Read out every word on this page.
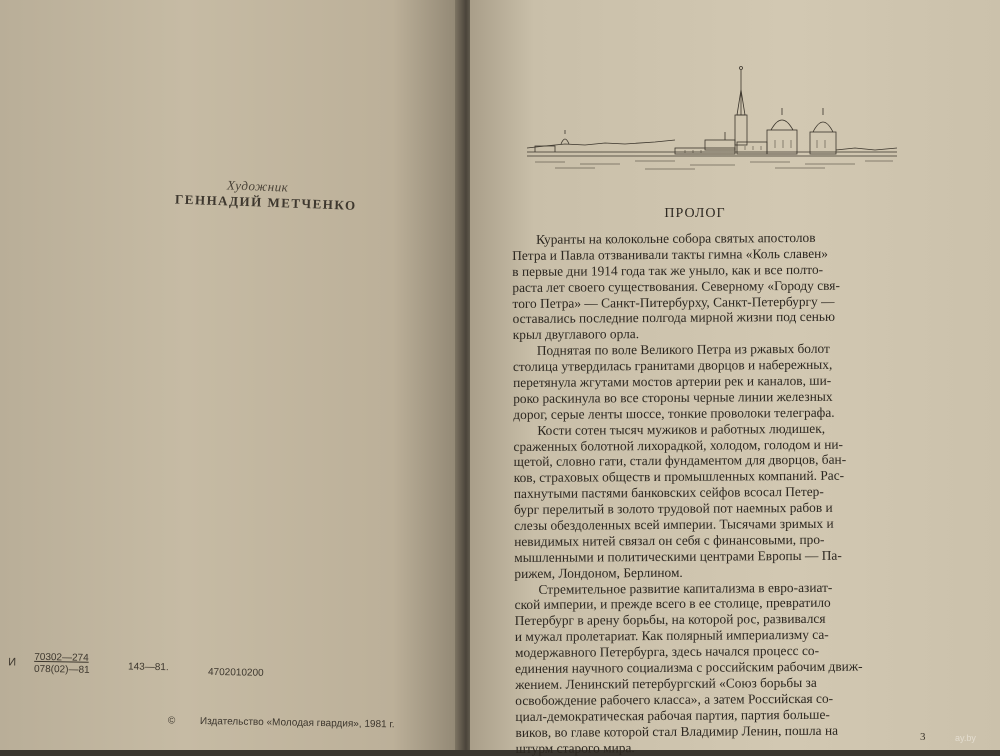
Художник
ГЕННАДИЙ МЕТЧЕНКО
И 70302—274
078(02)—81	143—81.	4702010200
© Издательство «Молодая гвардия», 1981 г.
ПРОЛОГ
Куранты на колокольне собора святых апостолов
Петра и Павла отзванивали такты гимна «Коль славен»
в первые дни 1914 года так же уныло, как и все полто-
раста лет своего существования. Северному «Городу свя-
того Петра» — Санкт-Питербурху, Санкт-Петербургу —
оставались последние полгода мирной жизни под сенью
крыл двуглавого орла.
Поднятая по воле Великого Петра из ржавых болот
столица утвердилась гранитами дворцов и набережных,
перетянула жгутами мостов артерии рек и каналов, ши-
роко раскинула во все стороны черные линии железных
дорог, серые ленты шоссе, тонкие проволоки телеграфа.
Кости сотен тысяч мужиков и работных людишек,
сраженных болотной лихорадкой, холодом, голодом и ни-
щетой, словно гати, стали фундаментом для дворцов, бан-
ков, страховых обществ и промышленных компаний. Рас-
пахнутыми пастями банковских сейфов всосал Петер-
бург перелитый в золото трудовой пот наемных рабов и
слезы обездоленных всей империи. Тысячами зримых и
невидимых нитей связал он себя с финансовыми, про-
мышленными и политическими центрами Европы — Па-
рижем, Лондоном, Берлином.
Стремительное развитие капитализма в евро-азиат-
ской империи, и прежде всего в ее столице, превратило
Петербург в арену борьбы, на которой рос, развивался
и мужал пролетариат. Как полярный империализму са-
модержавного Петербурга, здесь начался процесс со-
единения научного социализма с российским рабочим движ-
жением. Ленинский петербургский «Союз борьбы за
освобождение рабочего класса», а затем Российская со-
циал-демократическая рабочая партия, партия больше-
виков, во главе которой стал Владимир Ленин, пошла на
штурм старого мира.
3	ay.by
